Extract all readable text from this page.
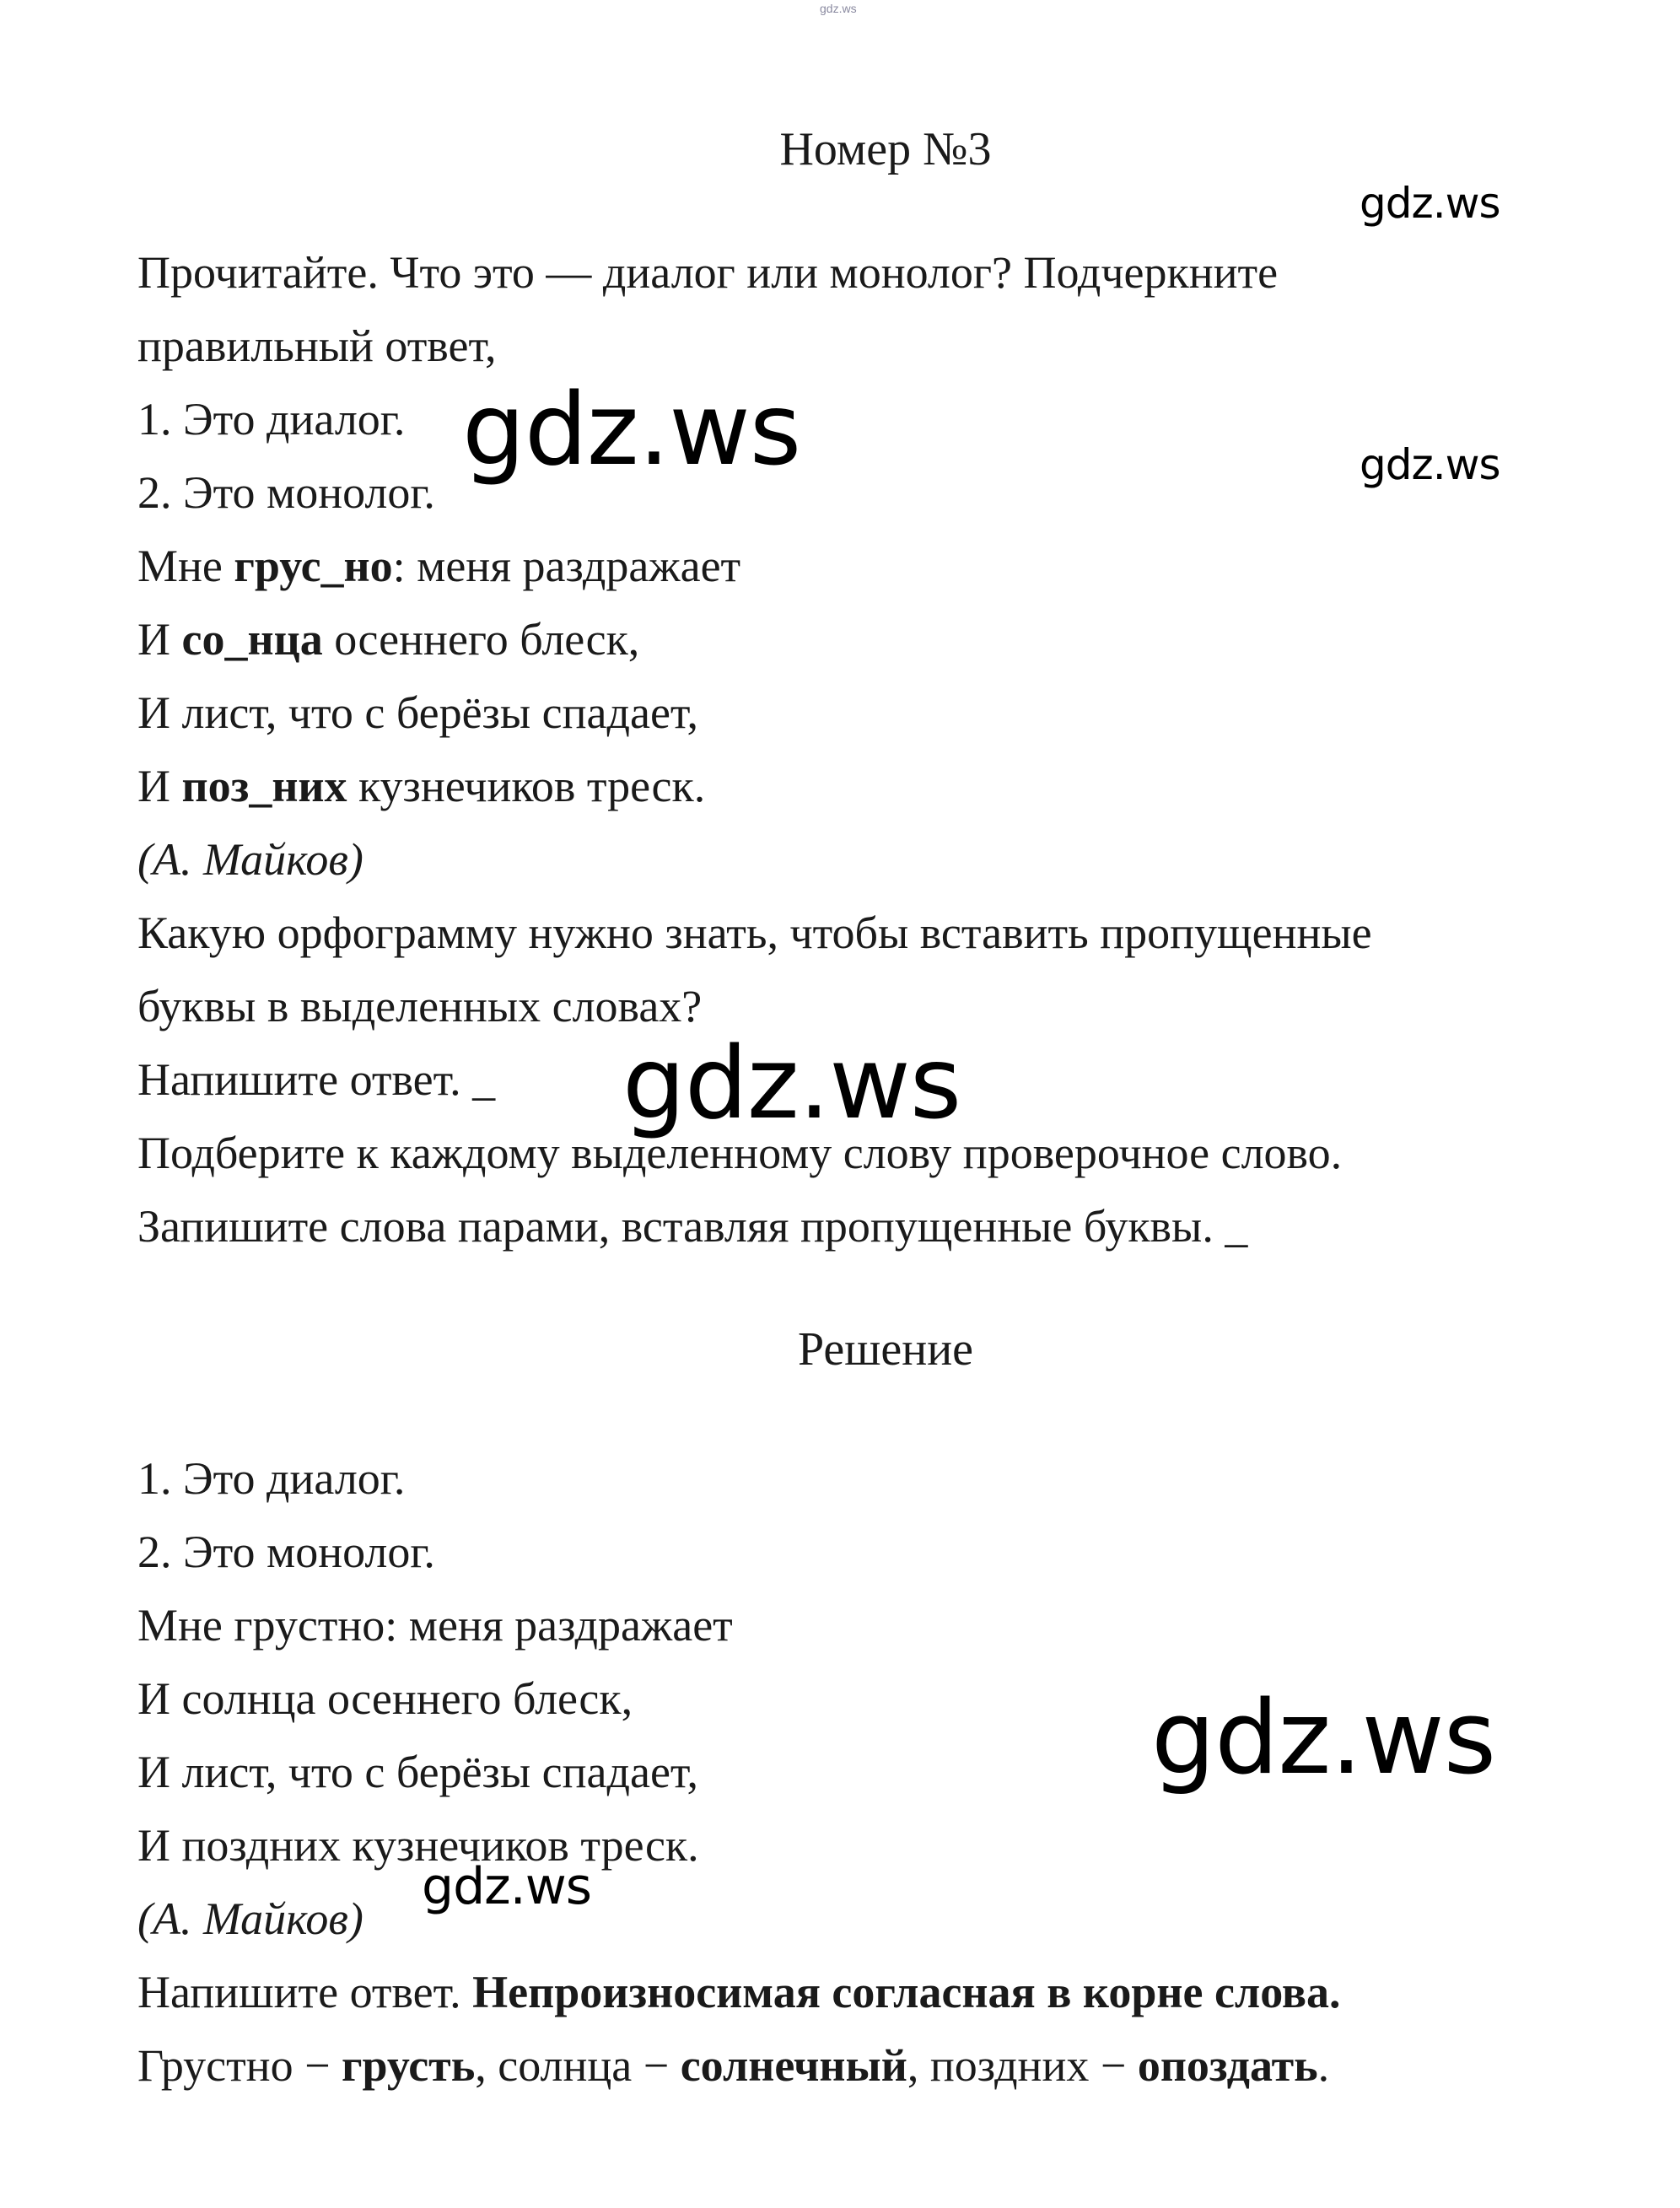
gdz.ws
Номер №3
Прочитайте. Что это — диалог или монолог? Подчеркните
правильный ответ,
1. Это диалог.
2. Это монолог.
Мне грус_но: меня раздражает
И со_нца осеннего блеск,
И лист, что с берёзы спадает,
И поз_них кузнечиков треск.
(А. Майков)
Какую орфограмму нужно знать, чтобы вставить пропущенные
буквы в выделенных словах?
Напишите ответ. _
Подберите к каждому выделенному слову проверочное слово.
Запишите слова парами, вставляя пропущенные буквы. _
Решение
1. Это диалог.
2. Это монолог.
Мне грустно: меня раздражает
И солнца осеннего блеск,
И лист, что с берёзы спадает,
И поздних кузнечиков треск.
(А. Майков)
Напишите ответ. Непроизносимая согласная в корне слова.
Грустно − грусть, солнца − солнечный, поздних − опоздать.
gdz.ws
gdz.ws	gdz.ws
gdz.ws
gdz.ws
gdz.ws
